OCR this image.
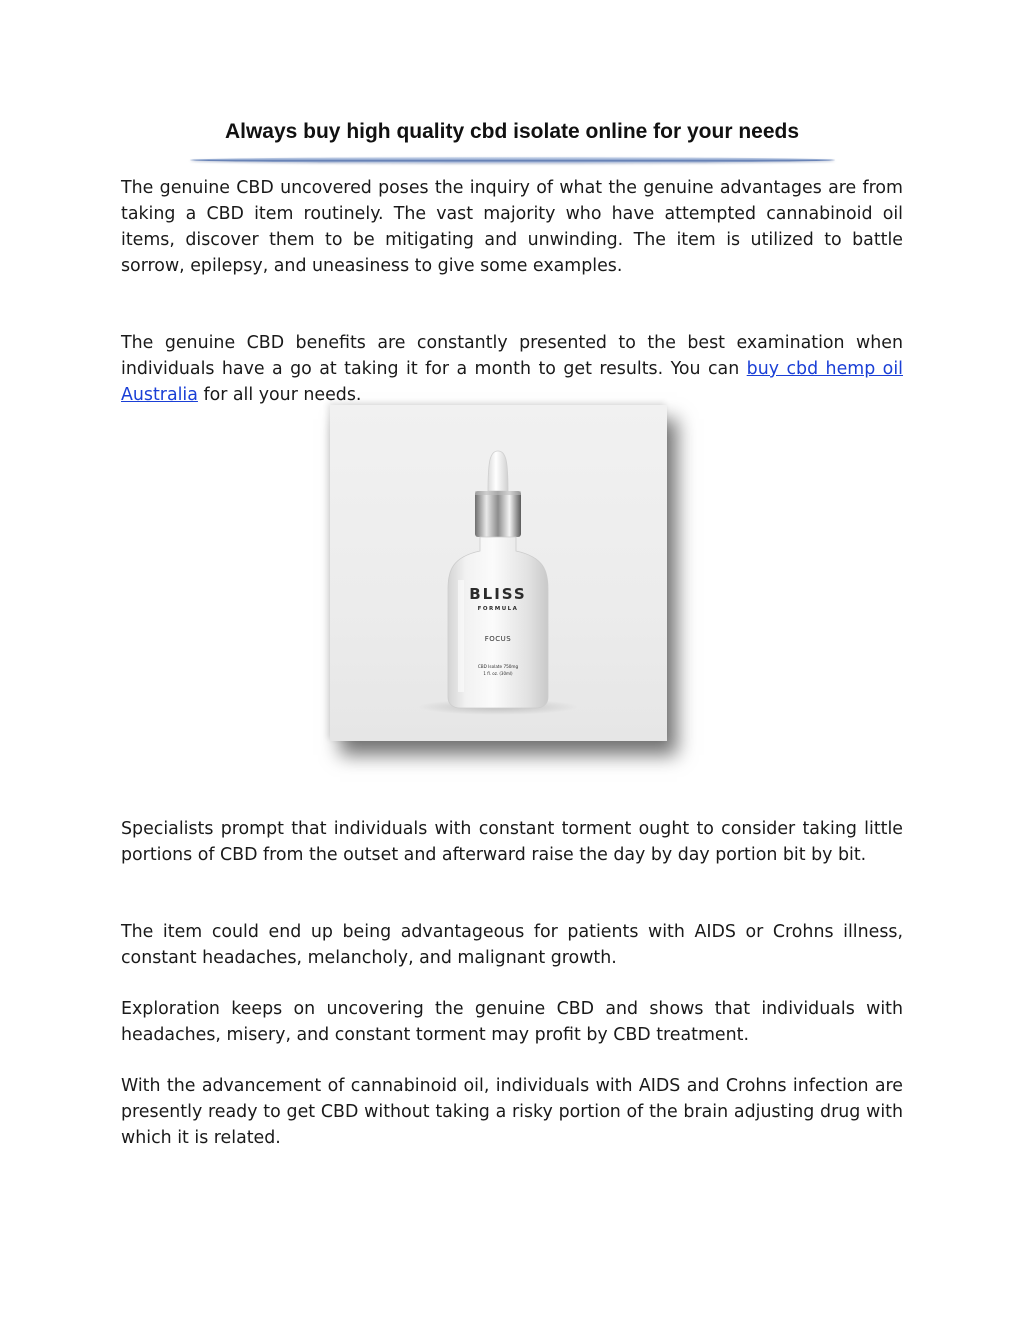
Always buy high quality cbd isolate online for your needs

The genuine CBD uncovered poses the inquiry of what the genuine advantages are from taking a CBD item routinely. The vast majority who have attempted cannabinoid oil items, discover them to be mitigating and unwinding. The item is utilized to battle sorrow, epilepsy, and uneasiness to give some examples.

The genuine CBD benefits are constantly presented to the best examination when individuals have a go at taking it for a month to get results. You can buy cbd hemp oil Australia for all your needs.

BLISS
FORMULA
FOCUS
CBD Isolate 750mg
1 fl. oz. (30ml)

Specialists prompt that individuals with constant torment ought to consider taking little portions of CBD from the outset and afterward raise the day by day portion bit by bit.

The item could end up being advantageous for patients with AIDS or Crohns illness, constant headaches, melancholy, and malignant growth.

Exploration keeps on uncovering the genuine CBD and shows that individuals with headaches, misery, and constant torment may profit by CBD treatment.

With the advancement of cannabinoid oil, individuals with AIDS and Crohns infection are presently ready to get CBD without taking a risky portion of the brain adjusting drug with which it is related.
